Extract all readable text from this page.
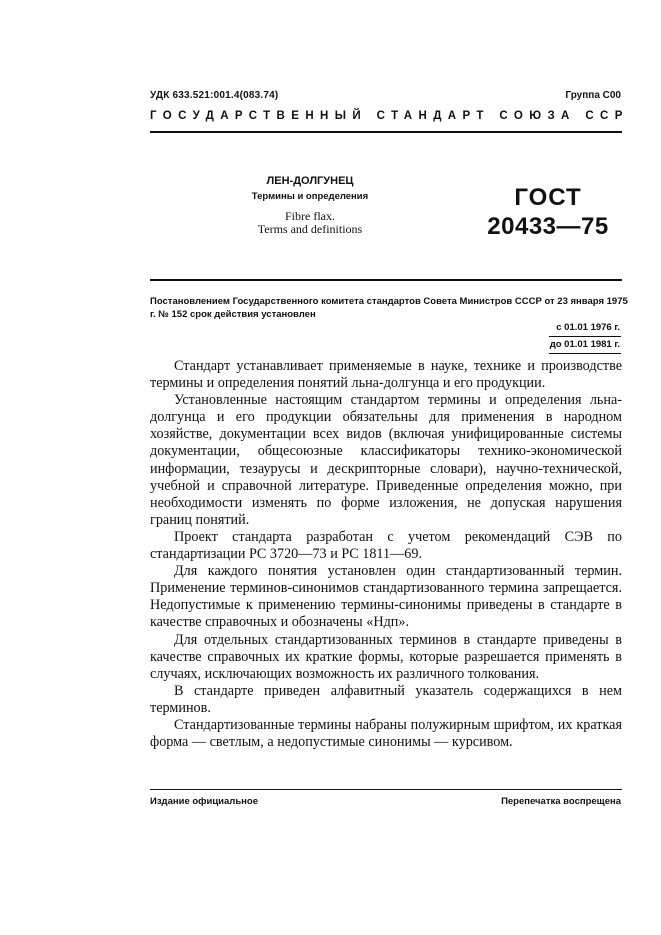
УДК 633.521:001.4(083.74)	Группа С00
ГОСУДАРСТВЕННЫЙ СТАНДАРТ СОЮЗА ССР
ЛЕН-ДОЛГУНЕЦ
Термины и определения
Fibre flax.
Terms and definitions
ГОСТ
20433—75
Постановлением Государственного комитета стандартов Совета Министров СССР от 23 января 1975 г. № 152 срок действия установлен
с 01.01 1976 г.
до 01.01 1981 г.

Стандарт устанавливает применяемые в науке, технике и производстве термины и определения понятий льна-долгунца и его продукции.

Установленные настоящим стандартом термины и определения льна-долгунца и его продукции обязательны для применения в народном хозяйстве, документации всех видов (включая унифицированные системы документации, общесоюзные классификаторы технико-экономической информации, тезаурусы и дескрипторные словари), научно-технической, учебной и справочной литературе. Приведенные определения можно, при необходимости изменять по форме изложения, не допуская нарушения границ понятий.

Проект стандарта разработан с учетом рекомендаций СЭВ по стандартизации PC 3720—73 и PC 1811—69.

Для каждого понятия установлен один стандартизованный термин. Применение терминов-синонимов стандартизованного термина запрещается. Недопустимые к применению термины-синонимы приведены в стандарте в качестве справочных и обозначены «Ндп».

Для отдельных стандартизованных терминов в стандарте приведены в качестве справочных их краткие формы, которые разрешается применять в случаях, исключающих возможность их различного толкования.

В стандарте приведен алфавитный указатель содержащихся в нем терминов.

Стандартизованные термины набраны полужирным шрифтом, их краткая форма — светлым, а недопустимые синонимы — курсивом.

Издание официальное	Перепечатка воспрещена
